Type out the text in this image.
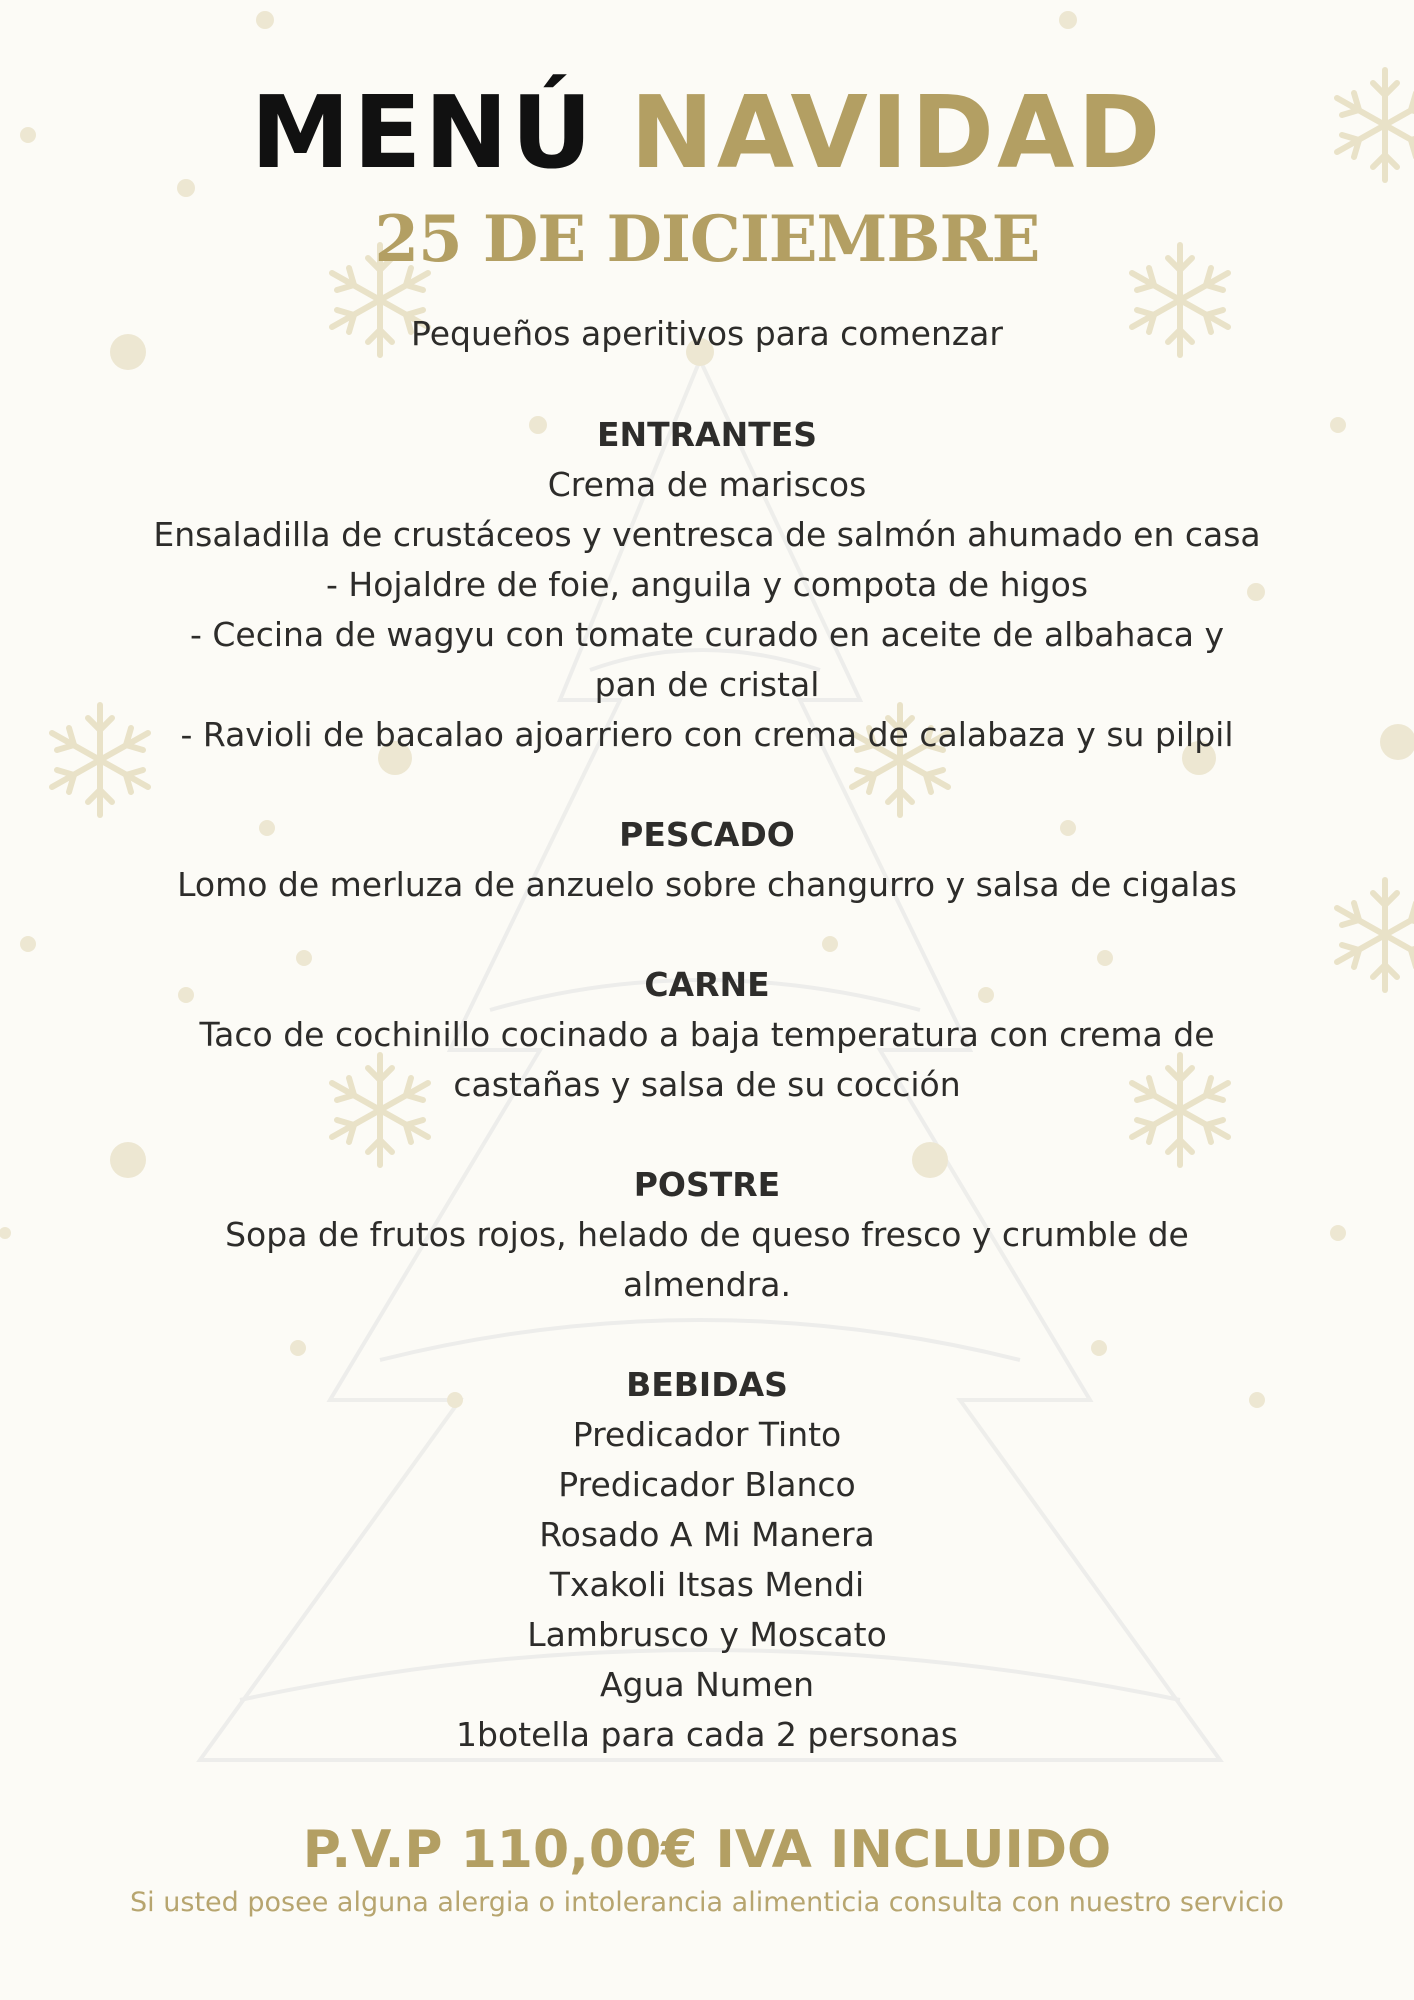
MENÚ NAVIDAD
25 DE DICIEMBRE
Pequeños aperitivos para comenzar
ENTRANTES
Crema de mariscos
Ensaladilla de crustáceos y ventresca de salmón ahumado en casa
- Hojaldre de foie, anguila y compota de higos
- Cecina de wagyu con tomate curado en aceite de albahaca y
pan de cristal
- Ravioli de bacalao ajoarriero con crema de calabaza y su pilpil
PESCADO
Lomo de merluza de anzuelo sobre changurro y salsa de cigalas
CARNE
Taco de cochinillo cocinado a baja temperatura con crema de
castañas y salsa de su cocción
POSTRE
Sopa de frutos rojos, helado de queso fresco y crumble de
almendra.
BEBIDAS
Predicador Tinto
Predicador Blanco
Rosado A Mi Manera
Txakoli Itsas Mendi
Lambrusco y Moscato
Agua Numen
1botella para cada 2 personas
P.V.P 110,00€ IVA INCLUIDO
Si usted posee alguna alergia o intolerancia alimenticia consulta con nuestro servicio
